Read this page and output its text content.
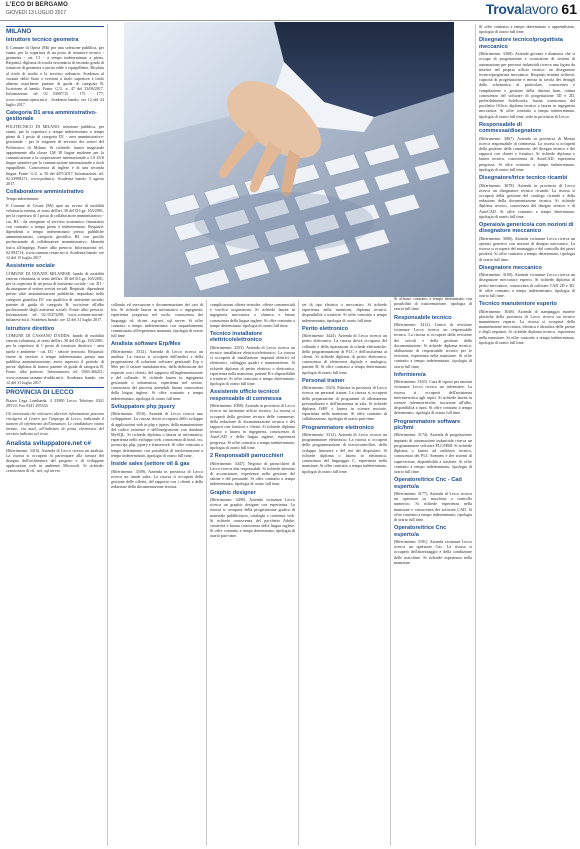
L'ECO DI BERGAMO
GIOVEDÌ 13 LUGLIO 2017	Trovalavoro 61
MILANO
Istruttore tecnico geometra

Il Comune di Opera (Mi) per una selezione pubblica, per esami, per la copertura di un posto di istruttore tecnico - geometra - cat. C1 - a tempo indeterminato a pieno. Requisiti: diploma di scuola secondaria di secondo grado di istruttore di geometra o perito edile o equipollente. Ricolata al titolo di studio e la servizio ordinario. Scadenza al vacante dello Stato o versioni a titolo superiore a titolo almeno assorbente patente di guida di categoria B. Iscrizione al bando. Fonte: G.U. n. 47 del 23/06/2017. Informazioni: tel. 02 53007/15 - 175 - 177; www.comune.opera.mi.it . Scadenza bando: ore 12 del 24 luglio 2017.

Categoria D1 area amministrativo-gestionale

POLITECNICO DI MILANO: selezione pubblica, per esami, per la copertura a tempo indeterminato a tempo pieno di 1 posto di categoria D1 - area amministrativo-gestionale - per le esigenze di servizio dei settori del Politecnico di Milano. Si richiede: laurea magistrale appartenente alla classe LM 38 lingue moderne per la comunicazione e la cooperazione internazionale o LS 43/S lingue straniere per la comunicazione internazionale o titoli equipollenti. Conoscenza di inglese e di una seconda lingua. Fonte: G.U. n. 50 del 4/07/2017. Informazioni: tel. 02.23998271; www.polimi.it. Scadenza bando: 3 agosto 2017.

Collaboratore amministrativo

Tempo indeterminato

Il Comune di Cesate (Mi) apre un avviso di mobilità volontaria esterna, ai sensi dell'art. 30 del D.Lgs. 165/2001, per la copertura di 1 posto di collaboratore amministrativo - cat. B3 - da assegnare al servizio economico finanziario con contratto a tempo pieno e indeterminato. Requisiti: dipendenti a tempo indeterminato presso pubbliche amministrazioni, categoria giuridica B3 con profilo professionale di collaboratore amministrativo. Idoneità fisica all'impiego. Fonte: albo pretorio. Informazioni: tel. 02.994714; www.comune.cesate.mi.it. Scadenza bando: ore 12 del 15 luglio 2017.

Assistente sociale

COMUNE DI NOVATE MILANESE: bando di mobilità esterna volontaria, ai sensi dell'art. 30 del D.Lgs. 165/2001, per la copertura di un posto di assistente sociale - cat. D1 - da assegnare al settore servizi sociali. Requisiti: dipendenti presso altre amministrazioni pubbliche, inquadrati nella categoria giuridica D1 con qualifica di assistente sociale; patente di guida di categoria B; iscrizione all'albo professionale degli assistenti sociali. Fonte: albo pretorio. Informazioni: tel. 02.35473298; www.comune.novate-milanese.mi.it. Scadenza bando: ore 12 del 31 luglio 2017.

Istruttore direttivo

COMUNE DI CASSANO D'ADDA: bando di mobilità esterna volontaria, ai sensi dell'art. 30 del D.Lgs. 165/2001, per la copertura di 1 posto di istruttore direttivo - area tutela e ambiente - cat. D1 - settore territorio. Requisiti: essere in servizio a tempo indeterminato presso una pubblica amministrazione; avere superato il periodo di prova; diploma di laurea; patente di guida di categoria B. Fonte: albo pretorio. Informazioni: tel. 0363.366211; www.comune.cassano-d-adda.mi.it. Scadenza bando: ore 12 del 31 luglio 2017.

PROVINCIA DI LECCO

Piazza Lega Lombarda, 4 23900 Lecco Telefono 0341 295111 Fax 0341 295333

Gli interessati che volessero ulteriori informazioni possono rivolgersi al Centro per l'impiego di Lecco, indicando il numero di riferimento dell'annuncio. Le candidature vanno inviate, via mail, all'indirizzo di posta elettronica del servizio indicato nel testo.

Analista sviluppatore.net c#

(Riferimento: 3416). Azienda di Lecco ricerca un analista. La risorsa si occuperà di partecipare alla stesura del disegno dell'architettura del progetto e di sviluppare applicazioni web in ambiente Microsoft. Si richiede: conoscenza di c#, .net, sql server.

collaudo ed esecuzione e documentazione dei casi di test. Si richiede laurea in informatica o ingegneria, esperienza pregressa nel ruolo, conoscenza dei linguaggi c#, vb.net, asp.net, sql server. Si offre contratto a tempo indeterminato con inquadramento commisurato all'esperienza maturata, tipologia di orario full time.

Analista software Erp/Mes

(Riferimento: 3512). Azienda di Lecco ricerca un analista. La risorsa si occuperà dell'analisi e della progettazione di soluzioni software gestionali Erp e Mes per il settore manifatturiero, della definizione dei requisiti con i clienti, del supporto all'implementazione e del collaudo. Si richiede laurea in ingegneria gestionale o informatica, esperienza nel settore, conoscenza dei processi aziendali, buona conoscenza della lingua inglese. Si offre contratto a tempo indeterminato, tipologia di orario full time.

Sviluppatore php jquery

(Riferimento: 3516). Azienda di Lecco ricerca uno sviluppatore. La risorsa dovrà occuparsi dello sviluppo di applicazioni web in php e jquery, della manutenzione del codice esistente e dell'integrazione con database MySQL. Si richiede diploma o laurea in informatica, esperienza nello sviluppo web, conoscenza di html, css, javascript, php, jquery e framework. Si offre contratto a tempo determinato con possibilità di trasformazione a tempo indeterminato, tipologia di orario full time.

Inside sales (settore oil & gas

(Riferimento: 3509). Azienda in provincia di Lecco ricerca un inside sales. La risorsa si occuperà della gestione delle offerte, del rapporto con i clienti e della redazione della documentazione tecnica.

complicazioni offerte tecniche, offerte commerciali e verifica acquisizioni. Si richiede laurea in ingegneria meccanica o chimica e buona conoscenza della lingua inglese. Si offre contratto a tempo determinato, tipologia di orario full time.

Tecnico installatore elettrico/elettronico

(Riferimento: 3253). Azienda di Lecco ricerca un tecnico installatore elettrico/elettronico. La risorsa si occuperà di installazione impianti elettrici ed elettronici, cablaggio quadri e manutenzione. Si richiede diploma di perito elettrico o elettronico, esperienza nella mansione, patente B e disponibilità a trasferte. Si offre contratto a tempo determinato, tipologia di orario full time.

Assistente ufficio tecnico/ responsabile di commessa

(Riferimento: 2088). Azienda in provincia di Lecco ricerca un assistente ufficio tecnico. La risorsa si occuperà della gestione tecnica delle commesse, della redazione di documentazione tecnica e dei rapporti con fornitori e clienti. Si richiede diploma tecnico o laurea in ingegneria, conoscenza di AutoCAD e della lingua inglese, esperienza pregressa. Si offre contratto a tempo indeterminato, tipologia di orario full time.

2 Responsabili parrucchieri

(Riferimento: 3447). Negozio di parrucchieri di Lecco ricerca due responsabili. Si richiede attestato di acconciatore, esperienza nella gestione del salone e del personale. Si offre contratto a tempo indeterminato, tipologia di orario full time.

Graphic designer

(Riferimento: 3498). Azienda vicinanze Lecco ricerca un graphic designer con esperienza. La risorsa si occuperà della progettazione grafica di materiale pubblicitario, cataloghi e contenuti web. Si richiede conoscenza del pacchetto Adobe, creatività e buona conoscenza della lingua inglese. Si offre contratto a tempo determinato, tipologia di orario part-time.

sei di tipo elettrico o meccanico. Si richiede esperienza nella mansione, diploma tecnico, disponibilità a trasferte. Si offre contratto a tempo indeterminato, tipologia di orario full time.

Perito elettronico

(Riferimento: 3424). Azienda di Lecco ricerca un perito elettronico. La risorsa dovrà occuparsi del collaudo e della riparazione di schede elettroniche, della programmazione di PLC e dell'assistenza ai clienti. Si richiede diploma di perito elettronico, conoscenza di elettronica digitale e analogica, patente B. Si offre contratto a tempo determinato, tipologia di orario full time.

Personal trainer

(Riferimento: 3323). Palestra in provincia di Lecco ricerca un personal trainer. La risorsa si occuperà della preparazione di programmi di allenamento personalizzati e dell'assistenza in sala. Si richiede diploma ISEF o laurea in scienze motorie, esperienza nella mansione. Si offre contratto di collaborazione, tipologia di orario part-time.

Programmatore elettronico

(Riferimento: 3312). Azienda di Lecco ricerca un programmatore elettronico. La risorsa si occuperà della programmazione di microcontrollori, dello sviluppo firmware e del test dei dispositivi. Si richiede diploma o laurea in elettronica, conoscenza del linguaggio C, esperienza nella mansione. Si offre contratto a tempo indeterminato, tipologia di orario full time.

Si offrono contratto a tempo determinato con possibilità di trasformazione, tipologia di orario full time.

Responsabile tecnico

(Riferimento: 3412). Centro di revisione vicinanze Lecco ricerca un responsabile tecnico. La risorsa si occuperà della revisione dei veicoli e della gestione della documentazione. Si richiede diploma tecnico, abilitazione di responsabile tecnico per le revisioni, esperienza nella mansione. Si offre contratto a tempo indeterminato, tipologia di orario full time.

Infermiere/a

(Riferimento: 3165). Casa di riposo per anziani vicinanze Lecco ricerca un infermiere. La risorsa si occuperà dell'assistenza infermieristica agli ospiti. Si richiede laurea in scienze infermieristiche, iscrizione all'albo, disponibilità a turni. Si offre contratto a tempo determinato, tipologia di orario full time.

Programmatore software plc/hmi

(Riferimento: 3174). Azienda di progettazione impianti di automazione industriale ricerca un programmatore software PLC/HMI. Si richiede diploma o laurea ad indirizzo tecnico, conoscenza dei PLC Siemens e dei sistemi di supervisione, disponibilità a trasferte. Si offre contratto a tempo indeterminato, tipologia di orario full time.

Operatore/trice Cnc - Cad esperto/a

(Riferimento: 3177). Azienda di Lecco ricerca un operatore su macchine a controllo numerico. Si richiede esperienza nella mansione e conoscenza dei software CAD. Si offre contratto a tempo indeterminato, tipologia di orario full time.

Operatore/trice Cnc esperto/a

(Riferimento: 3181). Azienda vicinanze Lecco ricerca un operatore Cnc. La risorsa si occuperà dell'attrezzaggio e della conduzione delle macchine. Si richiede esperienza nella mansione.

Si offre contratto a tempo determinato o apprendistato, tipologia di orario full time.

Disegnatore tecnico/progettista meccanico

(Riferimento: 3368). Azienda giovane e dinamica che si occupa di progettazione e costruzione di sistemi di automazione per processi industriali ricerca una figura da inserire nel proprio ufficio tecnico: un disegnatore tecnico/progettista meccanico. Requisiti minimi richiesti: capacità di progettazione e messa in tavola dei dettagli dalla schematica al particolare, conoscenza e compilazione e gestione della distinta base, ottima conoscenza del software di progettazione 3D e 2D, preferibilmente Solidworks; buona conoscenza del pacchetto Office; diploma tecnico o laurea in ingegneria meccanica. Si offre contratto a tempo indeterminato, tipologia di orario full time, sede in provincia di Lecco.

Responsabile di commessa/disegnatore

(Riferimento: 3067). Azienda in provincia di Monza ricerca responsabile di commessa. La risorsa si occuperà della gestione delle commesse, del disegno tecnico e dei rapporti con clienti e fornitori. Si richiede diploma o laurea tecnica, conoscenza di AutoCAD, esperienza pregressa. Si offre contratto a tempo indeterminato, tipologia di orario full time.

Disegnatore/trice tecnico ricambi

(Riferimento: 3078). Azienda in provincia di Lecco ricerca un disegnatore tecnico ricambi. La risorsa si occuperà della gestione del catalogo ricambi e della redazione della documentazione tecnica. Si richiede diploma tecnico, conoscenza del disegno tecnico e di AutoCAD. Si offre contratto a tempo determinato, tipologia di orario full time.

Operaio/a generico/a con nozioni di disegnatore meccanico

(Riferimento: 3086). Azienda vicinanze Lecco ricerca un operaio generico con nozioni di disegno meccanico. La risorsa si occuperà del montaggio e del controllo dei pezzi prodotti. Si offre contratto a tempo determinato, tipologia di orario full time.

Disegnatore meccanico

(Riferimento: 3100). Azienda vicinanze Lecco ricerca un disegnatore meccanico esperto. Si richiede diploma di perito meccanico, conoscenza di software CAD 2D e 3D. Si offre contratto a tempo indeterminato, tipologia di orario full time.

Tecnico manutentore esperto

(Riferimento: 3048). Azienda di stampaggio materie plastiche della provincia di Lecco ricerca un tecnico manutentore esperto. La risorsa si occuperà della manutenzione meccanica, elettrica e idraulica delle presse e degli impianti. Si richiede diploma tecnico, esperienza nella mansione. Si offre contratto a tempo indeterminato, tipologia di orario full time.
